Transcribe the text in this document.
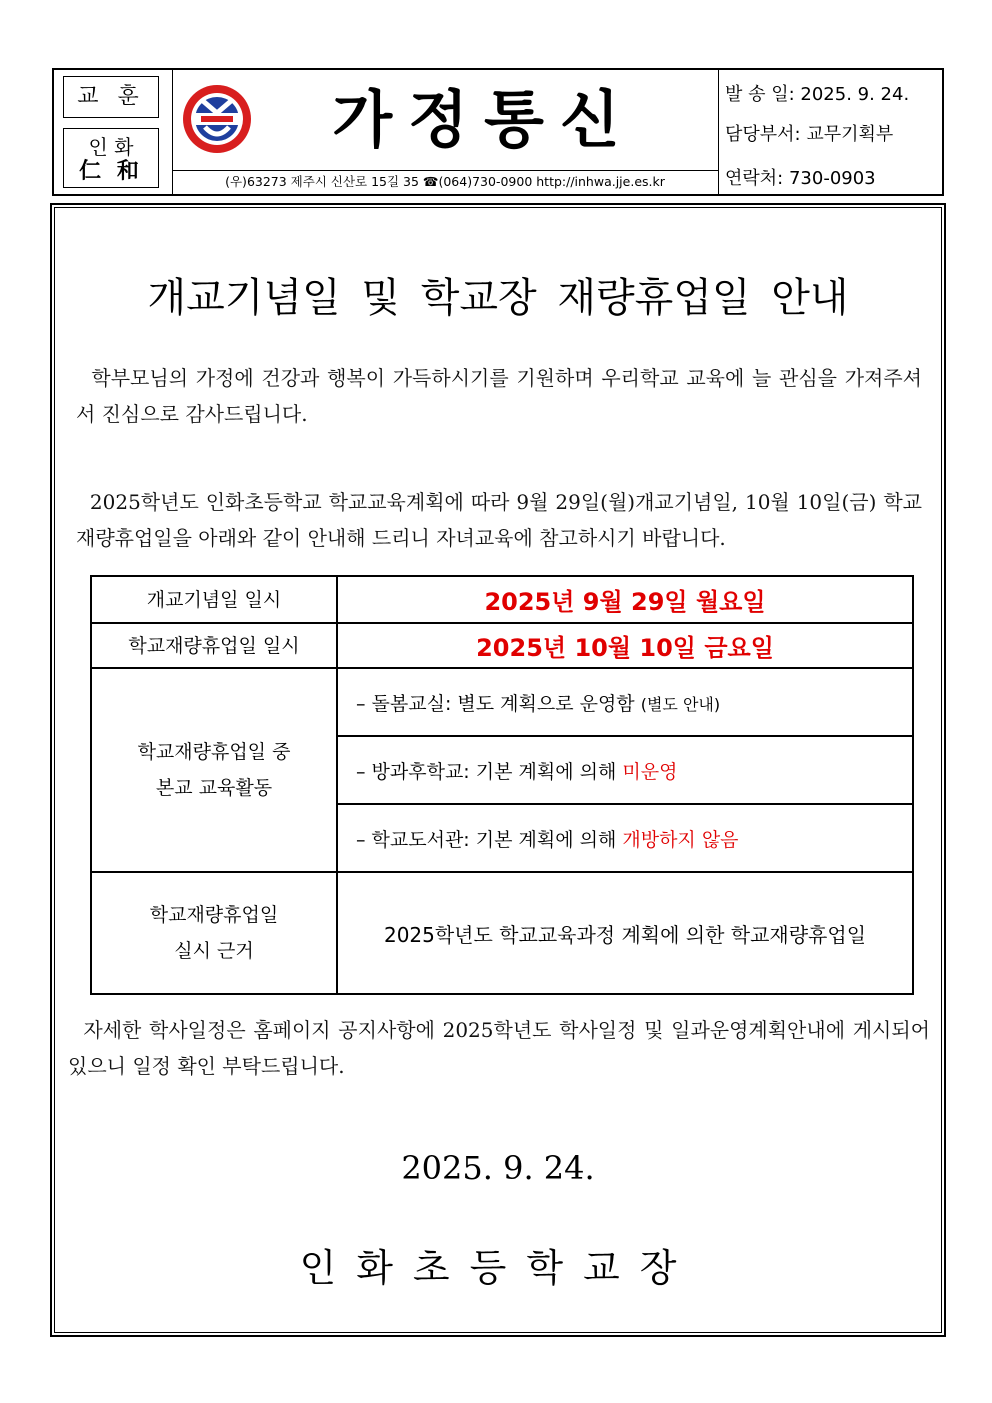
교 훈
인 화
仁 和
가정통신
(우)63273 제주시 신산로 15길 35 ☎(064)730-0900 http://inhwa.jje.es.kr
발 송 일: 2025. 9. 24.
담당부서: 교무기획부
연락처: 730-0903
개교기념일 및 학교장 재량휴업일 안내
학부모님의 가정에 건강과 행복이 가득하시기를 기원하며 우리학교 교육에 늘 관심을 가져주셔서 진심으로 감사드립니다.
2025학년도 인화초등학교 학교교육계획에 따라 9월 29일(월)개교기념일, 10월 10일(금) 학교재량휴업일을 아래와 같이 안내해 드리니 자녀교육에 참고하시기 바랍니다.
개교기념일 일시	2025년 9월 29일 월요일
학교재량휴업일 일시	2025년 10월 10일 금요일

학교재량휴업일 중
본교 교육활동	– 돌봄교실: 별도 계획으로 운영함 (별도 안내)
	– 방과후학교: 기본 계획에 의해 미운영
	– 학교도서관: 기본 계획에 의해 개방하지 않음

학교재량휴업일
실시 근거	2025학년도 학교교육과정 계획에 의한 학교재량휴업일
자세한 학사일정은 홈페이지 공지사항에 2025학년도 학사일정 및 일과운영계획안내에 게시되어있으니 일정 확인 부탁드립니다.
2025. 9. 24.
인화초등학교장
